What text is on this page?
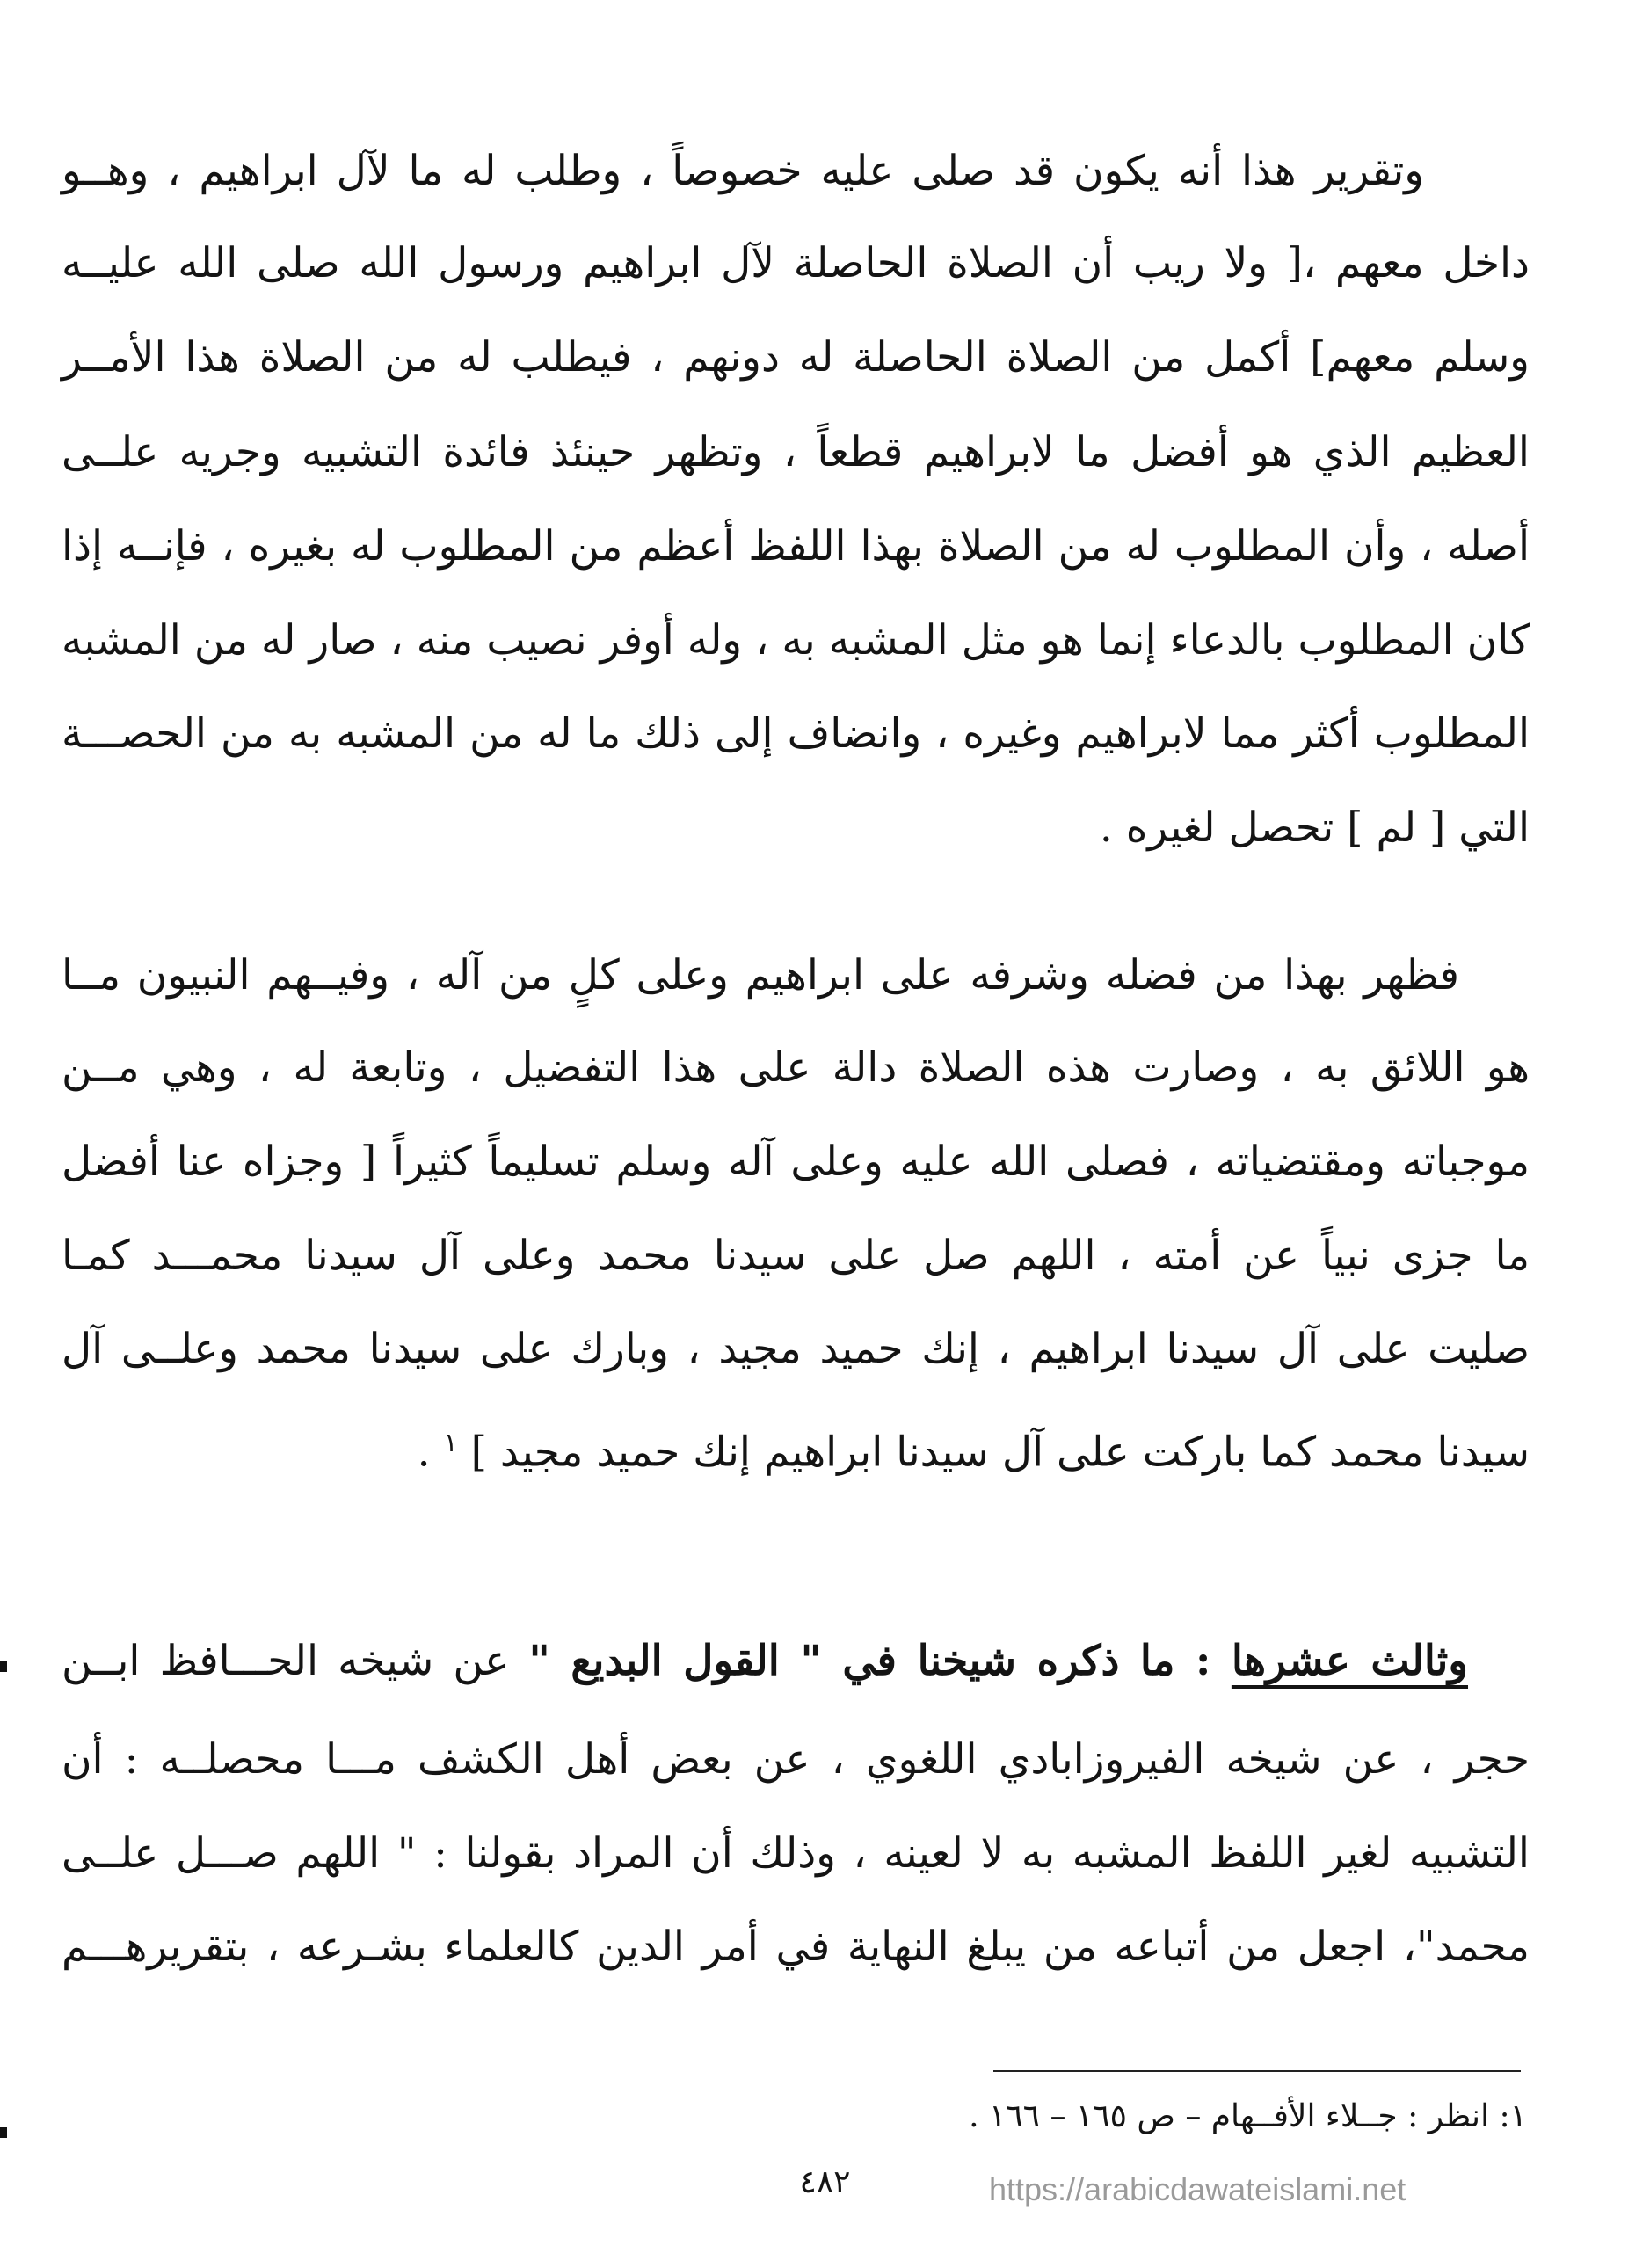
وتقرير هذا أنه يكون قد صلى عليه خصوصاً ، وطلب له ما لآل ابراهيم ، وهــو
داخل معهم ،[ ولا ريب أن الصلاة الحاصلة لآل ابراهيم ورسول الله صلى الله عليــه
وسلم معهم] أكمل من الصلاة الحاصلة له دونهم ، فيطلب له من الصلاة هذا الأمــر
العظيم الذي هو أفضل ما لابراهيم قطعاً ، وتظهر حينئذ فائدة التشبيه وجريه علــى
أصله ، وأن المطلوب له من الصلاة بهذا اللفظ أعظم من المطلوب له بغيره ، فإنــه إذا
كان المطلوب بالدعاء إنما هو مثل المشبه به ، وله أوفر نصيب منه ، صار له من المشبه
المطلوب أكثر مما لابراهيم وغيره ، وانضاف إلى ذلك ما له من المشبه به من الحصـــة
التي [ لم ] تحصل لغيره .
فظهر بهذا من فضله وشرفه على ابراهيم وعلى كلٍ من آله ، وفيــهم النبيون مــا
هو اللائق به ، وصارت هذه الصلاة دالة على هذا التفضيل ، وتابعة له ، وهي مــن
موجباته ومقتضياته ، فصلى الله عليه وعلى آله وسلم تسليماً كثيراً [ وجزاه عنا أفضل
ما جزى نبياً عن أمته ، اللهم صل على سيدنا محمد وعلى آل سيدنا محمـــد كمـا
صليت على آل سيدنا ابراهيم ، إنك حميد مجيد ، وبارك على سيدنا محمد وعلــى آل
سيدنا محمد كما باركت على آل سيدنا ابراهيم إنك حميد مجيد ] $^١$ .
وثالث عشرها : ما ذكره شيخنا في " القول البديع " عن شيخه الحـــافظ ابــن
حجر ، عن شيخه الفيروزابادي اللغوي ، عن بعض أهل الكشف مـــا محصلــه : أن
التشبيه لغير اللفظ المشبه به لا لعينه ، وذلك أن المراد بقولنا : " اللهم صـــل علــى
محمد"، اجعل من أتباعه من يبلغ النهاية في أمر الدين كالعلماء بشـرعه ، بتقريرهـــم
١: انظر : جــلاء الأفــهام – ص ١٦٥ – ١٦٦ .
٤٨٢	https://arabicdawateislami.net
